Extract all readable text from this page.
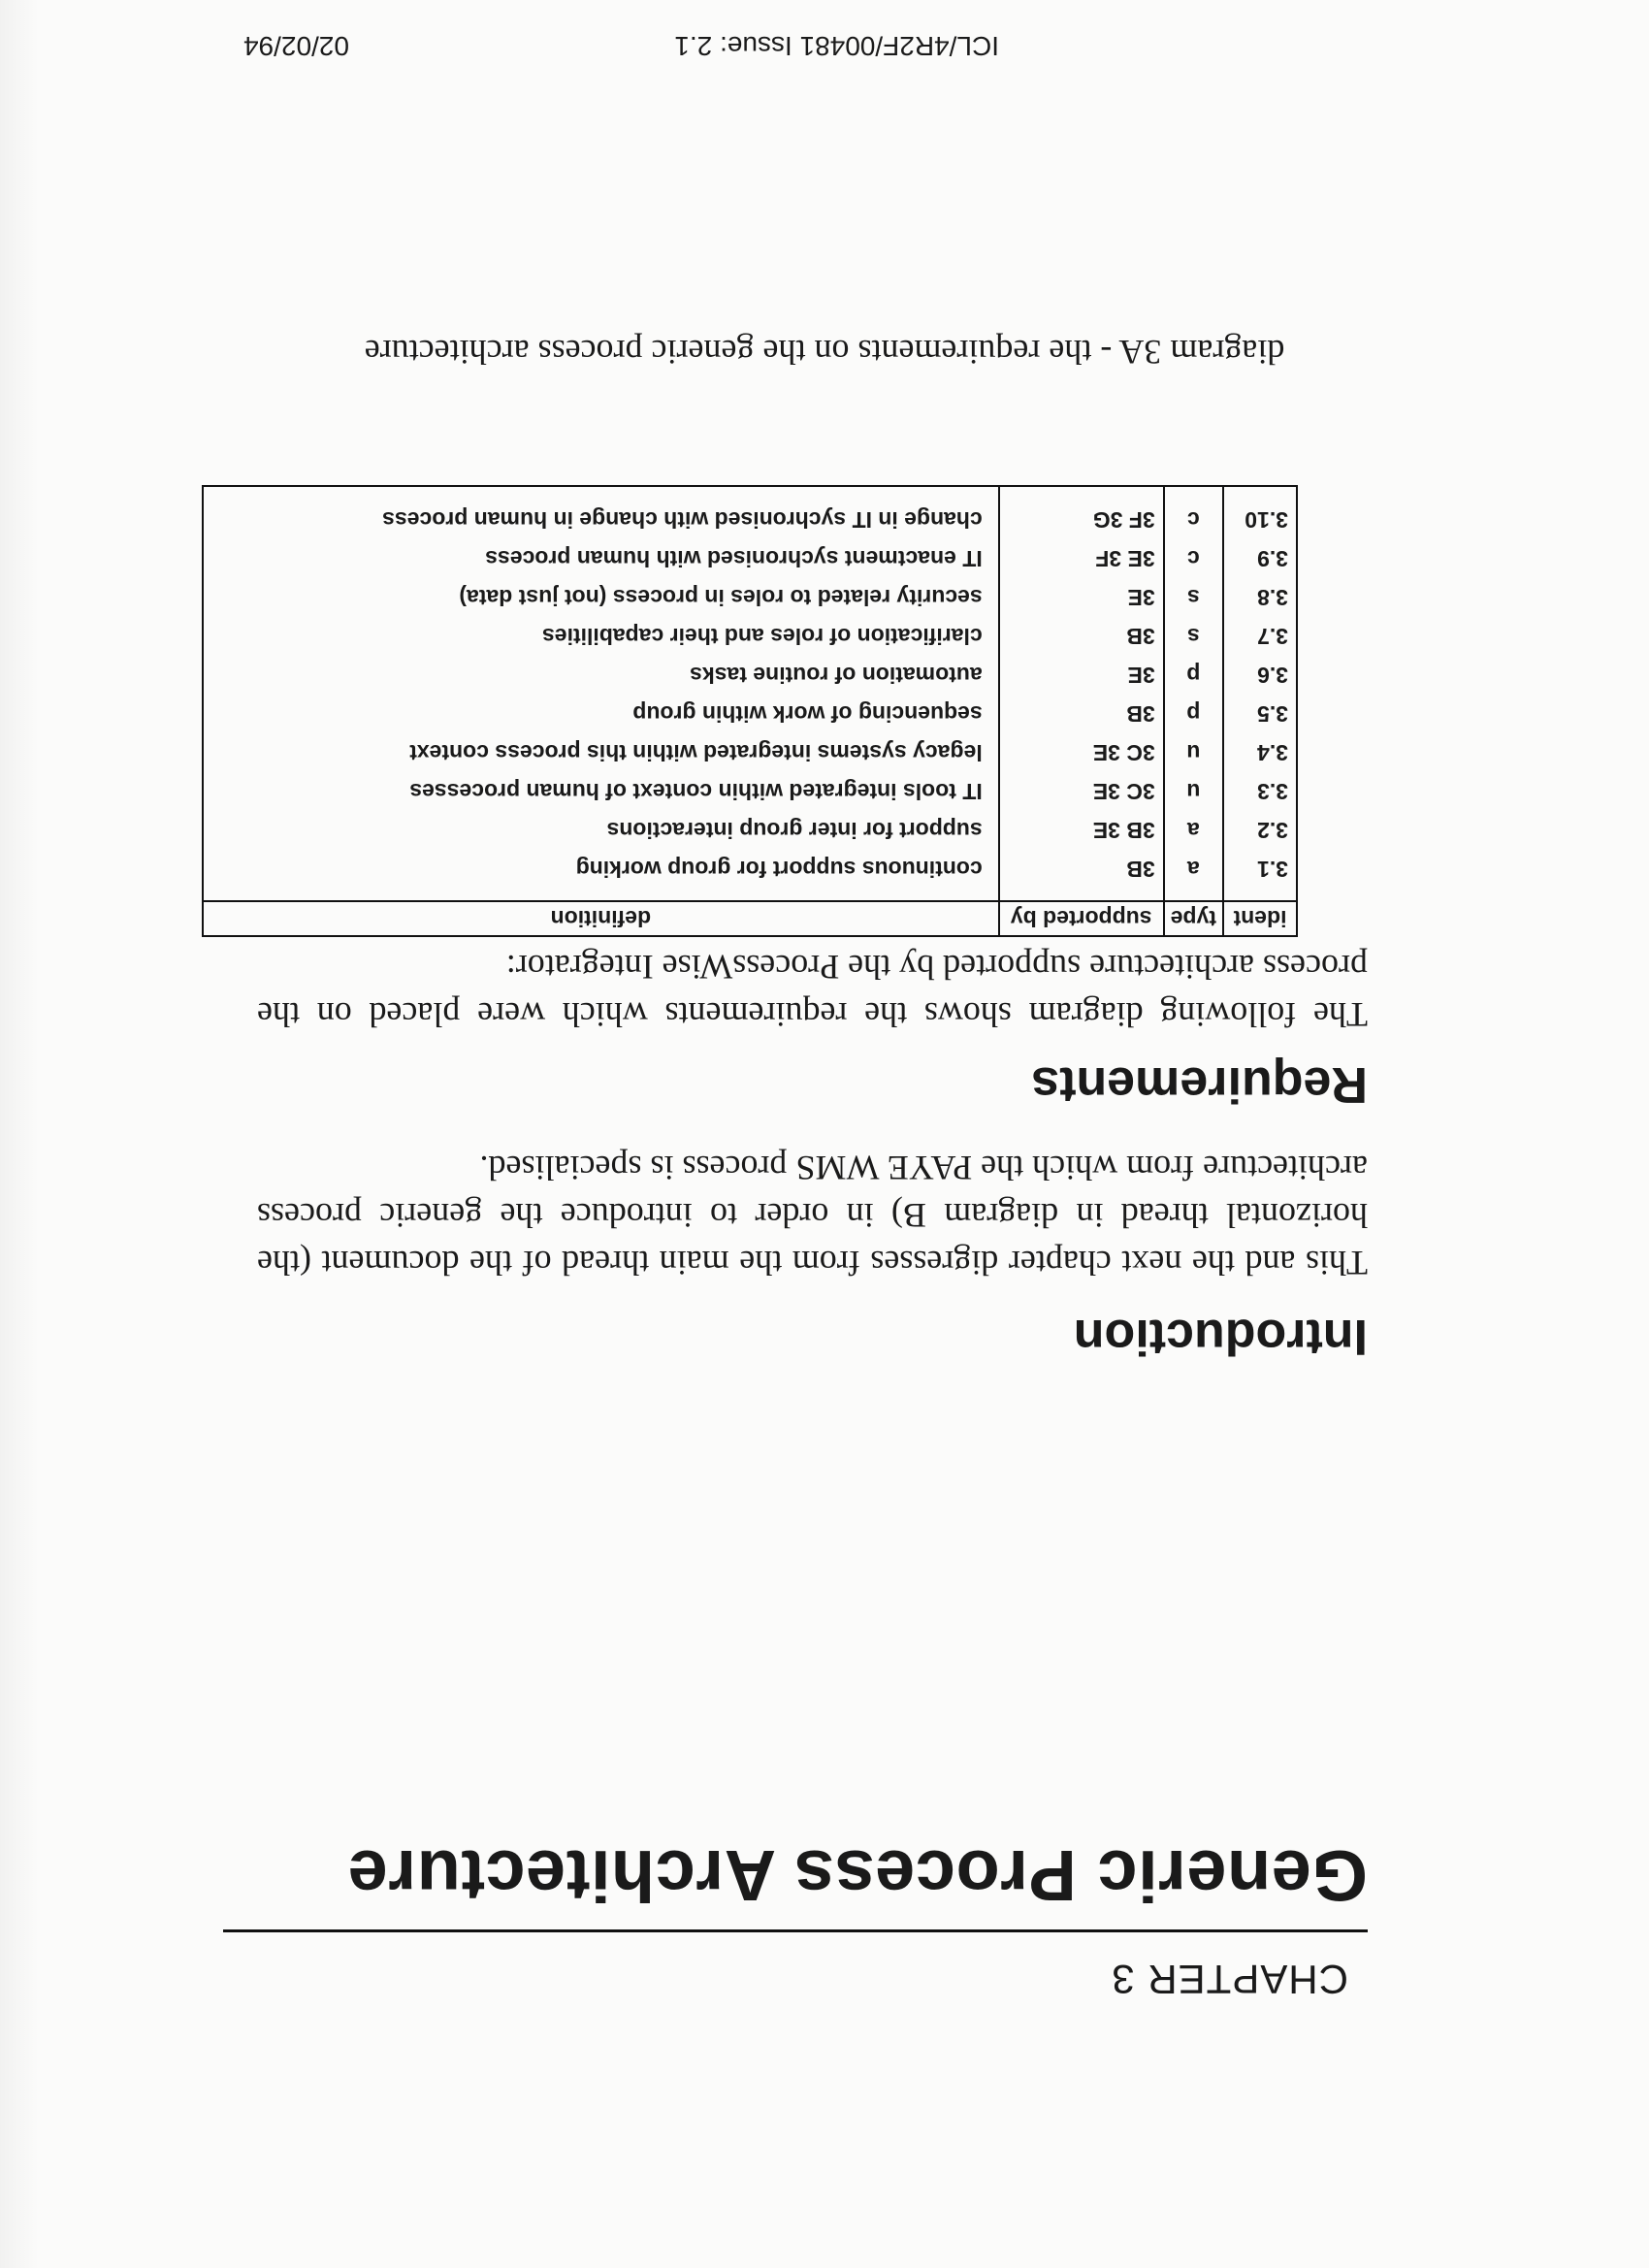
CHAPTER 3
Generic Process Architecture
Introduction
This and the next chapter digresses from the main thread of the document (the horizontal thread in diagram B) in order to introduce the generic process architecture from which the PAYE WMS process is specialised.
Requirements
The following diagram shows the requirements which were placed on the process architecture supported by the ProcessWise Integrator:
ident	type	supported by	definition
3.1	a	3B	continuous support for group working
3.2	a	3B 3E	support for inter group interactions
3.3	u	3C 3E	IT tools integrated within context of human processes
3.4	u	3C 3E	legacy systems integrated within this process context
3.5	p	3B	sequencing of work within group
3.6	p	3E	automation of routine tasks
3.7	s	3B	clarification of roles and their capabilities
3.8	s	3E	security related to roles in process (not just data)
3.9	c	3E 3F	IT enactment sychronised with human process
3.10	c	3F 3G	change in IT sychronised with change in human process
diagram 3A - the requirements on the generic process architecture
ICL/4R2F/00481 Issue: 2.1
02/02/94
